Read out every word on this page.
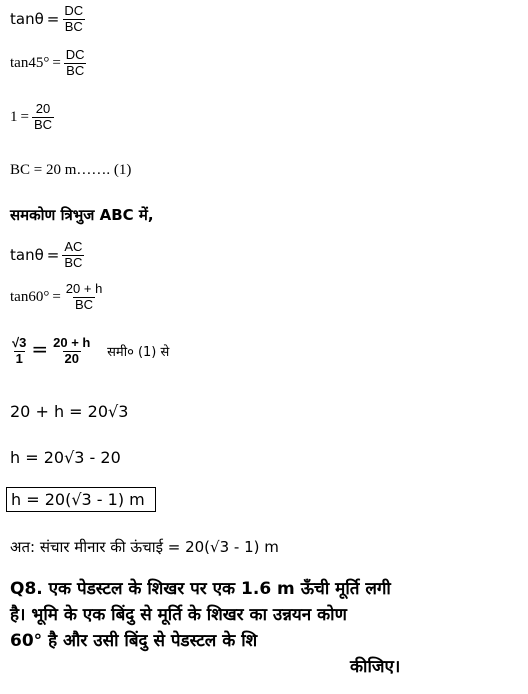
$\tan\theta = \frac{DC}{BC}$
$\tan 45^\circ = \frac{DC}{BC}$
$1 = \frac{20}{BC}$
BC = 20 m……. (1)
समकोण त्रिभुज ABC में,
$\tan\theta = \frac{AC}{BC}$
$\tan 60^\circ = \frac{20 + h}{BC}$
$\frac{√3}{1} = \frac{20 + h}{20}$ समी० (1) से
20 + h = 20√3
h = 20√3 - 20
h = 20(√3 - 1) m
अत: संचार मीनार की ऊंचाई = 20(√3 - 1) m
Q8. एक पेडस्टल के शिखर पर एक 1.6 m ऊँची मूर्ति लगी
है। भूमि के एक बिंदु से मूर्ति के शिखर का उन्नयन कोण
60° है और उसी बिंदु से पेडस्टल के शि
कीजिए।
